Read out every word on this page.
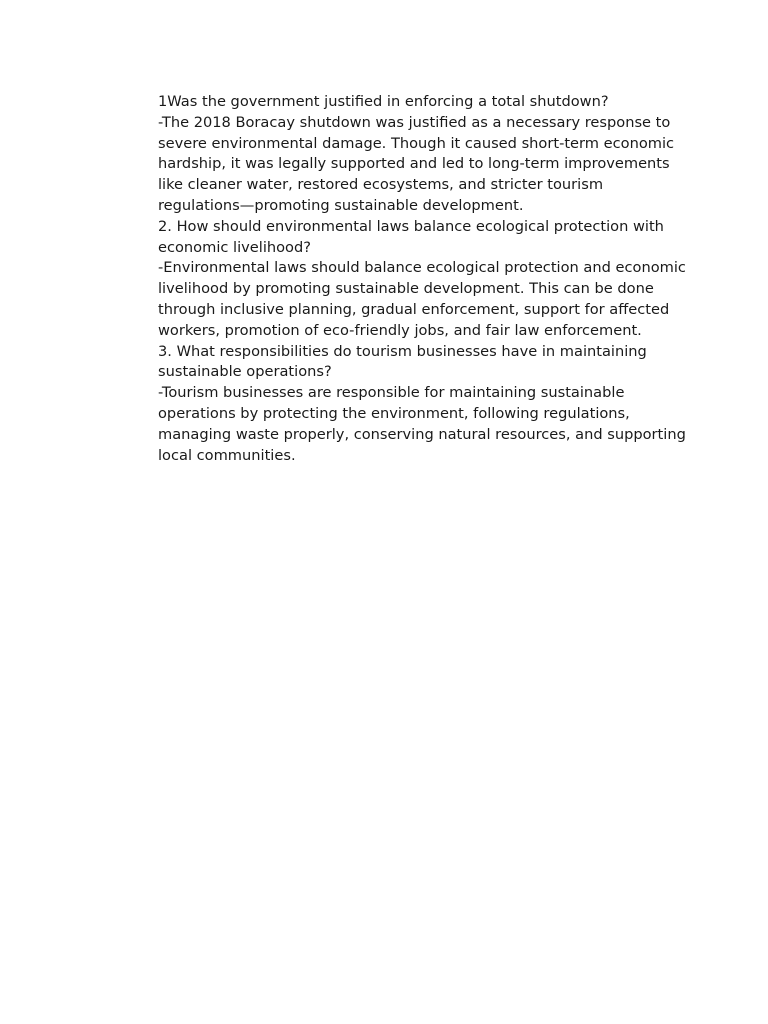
1Was the government justified in enforcing a total shutdown?

-The 2018 Boracay shutdown was justified as a necessary response to severe environmental damage. Though it caused short-term economic hardship, it was legally supported and led to long-term improvements like cleaner water, restored ecosystems, and stricter tourism regulations—promoting sustainable development.

2. How should environmental laws balance ecological protection with economic livelihood?

-Environmental laws should balance ecological protection and economic livelihood by promoting sustainable development. This can be done through inclusive planning, gradual enforcement, support for affected workers, promotion of eco-friendly jobs, and fair law enforcement.

3. What responsibilities do tourism businesses have in maintaining sustainable operations?

-Tourism businesses are responsible for maintaining sustainable operations by protecting the environment, following regulations, managing waste properly, conserving natural resources, and supporting local communities.
